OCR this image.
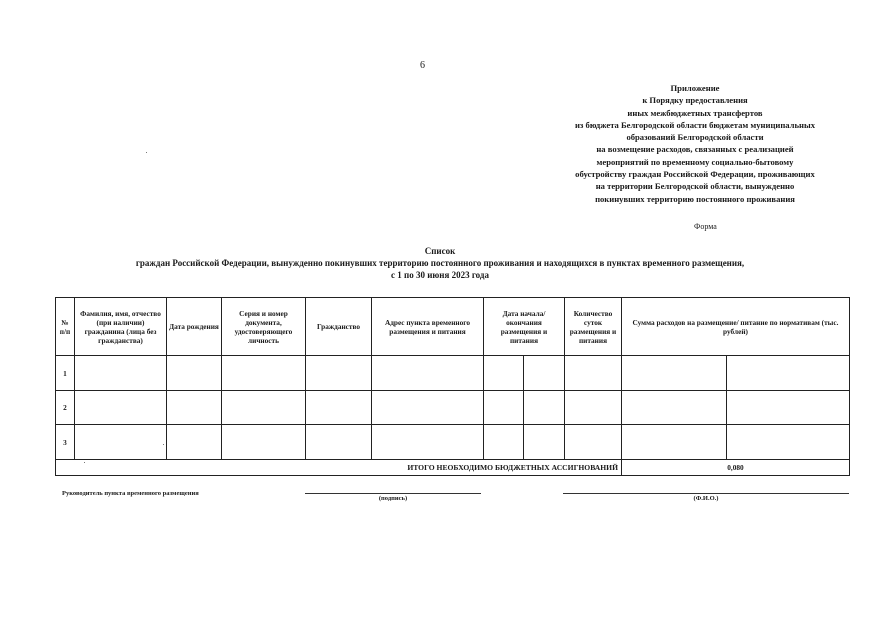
6
Приложение
к Порядку предоставления
иных межбюджетных трансфертов
из бюджета Белгородской области бюджетам муниципальных
образований Белгородской области
на возмещение расходов, связанных с реализацией
мероприятий по временному социально-бытовому
обустройству граждан Российской Федерации, проживающих
на территории Белгородской области, вынужденно
покинувших территорию постоянного проживания
Форма
Список
граждан Российской Федерации, вынужденно покинувших территорию постоянного проживания и находящихся в пунктах временного размещения,
с 1 по 30 июня 2023 года
№ п/п	Фамилия, имя, отчество (при наличии) гражданина (лица без гражданства)	Дата рождения	Серия и номер документа, удостоверяющего личность	Гражданство	Адрес пункта временного размещения и питания	Дата начала/ окончания размещения и питания		Количество суток размещения и питания	Сумма расходов на размещение/ питание по нормативам (тыс. рублей)	
1										
2										
3										
ИТОГО НЕОБХОДИМО БЮДЖЕТНЫХ АССИГНОВАНИЙ									0,080	
Руководитель пункта временного размещения
(подпись)	(Ф.И.О.)
